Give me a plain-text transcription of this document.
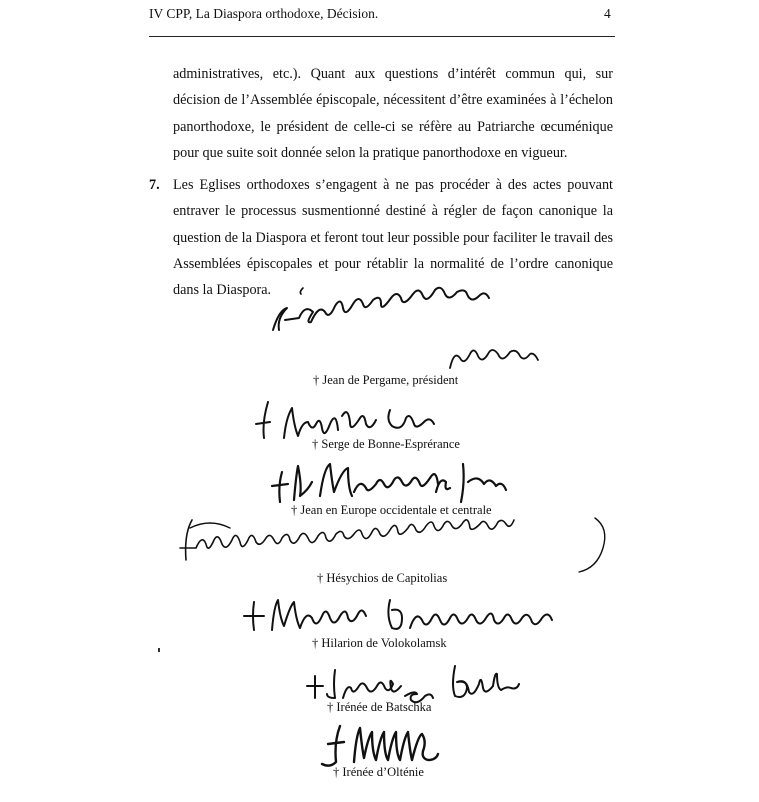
IV CPP, La Diaspora orthodoxe, Décision.	4
administratives, etc.). Quant aux questions d’intérêt commun qui, sur
décision de l’Assemblée épiscopale, nécessitent d’être examinées à l’échelon
panorthodoxe, le président de celle-ci se réfère au Patriarche œcuménique
pour que suite soit donnée selon la pratique panorthodoxe en vigueur.
7. Les Eglises orthodoxes s’engagent à ne pas procéder à des actes pouvant
entraver le processus susmentionné destiné à régler de façon canonique la
question de la Diaspora et feront tout leur possible pour faciliter le travail des
Assemblées épiscopales et pour rétablir la normalité de l’ordre canonique
dans la Diaspora.
† Jean de Pergame, président
† Serge de Bonne-Esprérance
† Jean en Europe occidentale et centrale
† Hésychios de Capitolias
† Hilarion de Volokolamsk
† Irénée de Batschka
† Irénée d’Olténie
